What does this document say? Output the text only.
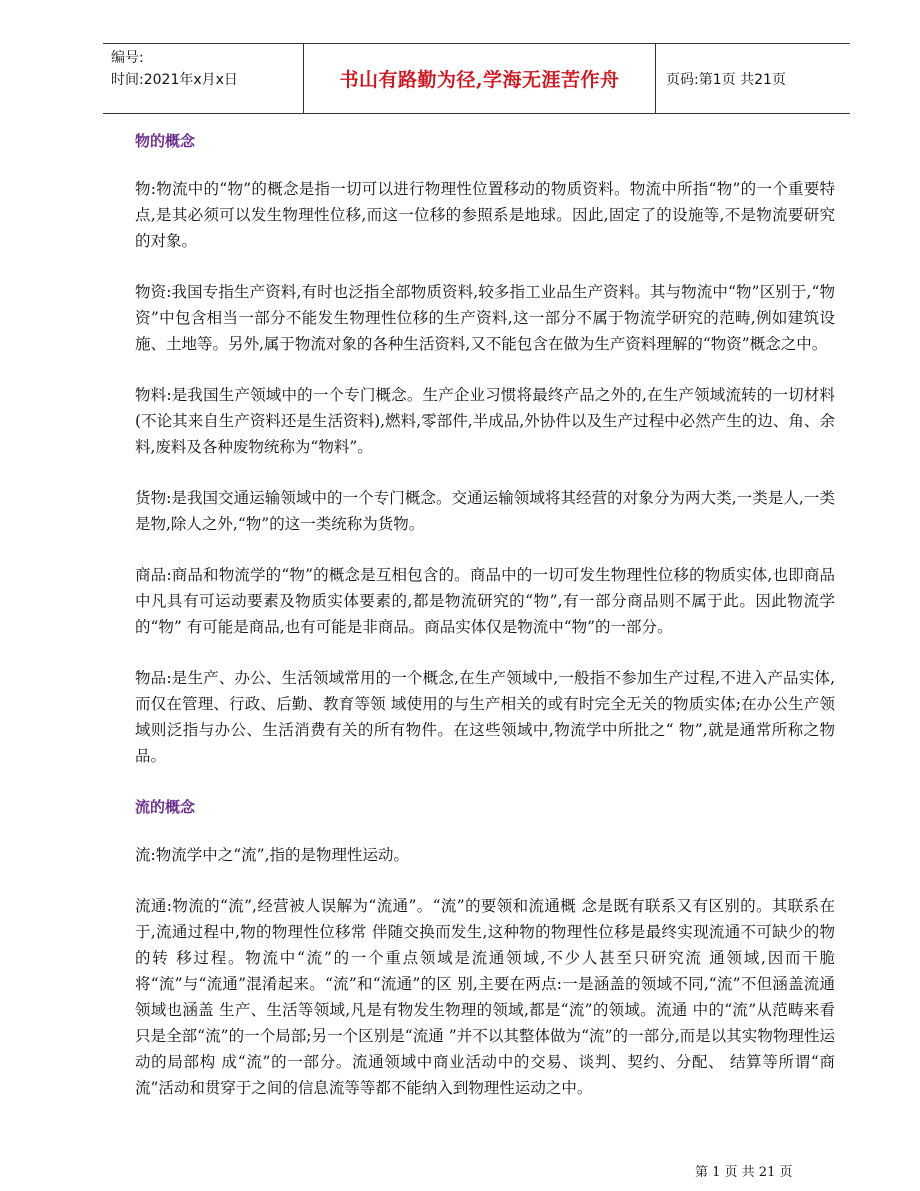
编号:
时间:2021年x月x日	书山有路勤为径,学海无涯苦作舟	页码:第1页 共21页
物的概念

物:物流中的“物”的概念是指一切可以进行物理性位置移动的物质资料。物流中所指“物”的一个重要特点,是其必须可以发生物理性位移,而这一位移的参照系是地球。因此,固定了的设施等,不是物流要研究的对象。

物资:我国专指生产资料,有时也泛指全部物质资料,较多指工业品生产资料。其与物流中“物”区别于,“物资”中包含相当一部分不能发生物理性位移的生产资料,这一部分不属于物流学研究的范畴,例如建筑设施、土地等。另外,属于物流对象的各种生活资料,又不能包含在做为生产资料理解的“物资”概念之中。

物料:是我国生产领域中的一个专门概念。生产企业习惯将最终产品之外的,在生产领域流转的一切材料(不论其来自生产资料还是生活资料),燃料,零部件,半成品,外协件以及生产过程中必然产生的边、角、余料,废料及各种废物统称为“物料”。

货物:是我国交通运输领域中的一个专门概念。交通运输领域将其经营的对象分为两大类,一类是人,一类是物,除人之外,“物”的这一类统称为货物。

商品:商品和物流学的“物”的概念是互相包含的。商品中的一切可发生物理性位移的物质实体,也即商品中凡具有可运动要素及物质实体要素的,都是物流研究的“物”,有一部分商品则不属于此。因此物流学的“物” 有可能是商品,也有可能是非商品。商品实体仅是物流中“物”的一部分。

物品:是生产、办公、生活领域常用的一个概念,在生产领域中,一般指不参加生产过程,不进入产品实体,而仅在管理、行政、后勤、教育等领 域使用的与生产相关的或有时完全无关的物质实体;在办公生产领域则泛指与办公、生活消费有关的所有物件。在这些领域中,物流学中所批之“ 物”,就是通常所称之物品。

流的概念

流:物流学中之“流”,指的是物理性运动。

流通:物流的“流”,经营被人误解为“流通”。“流”的要领和流通概 念是既有联系又有区别的。其联系在于,流通过程中,物的物理性位移常 伴随交换而发生,这种物的物理性位移是最终实现流通不可缺少的物的转 移过程。物流中“流”的一个重点领域是流通领域,不少人甚至只研究流 通领域,因而干脆将“流”与“流通”混淆起来。“流”和“流通”的区 别,主要在两点:一是涵盖的领域不同,“流”不但涵盖流通领域也涵盖 生产、生活等领域,凡是有物发生物理的领域,都是“流”的领域。流通 中的“流”从范畴来看只是全部“流”的一个局部;另一个区别是“流通 ”并不以其整体做为“流”的一部分,而是以其实物物理性运动的局部构 成“流”的一部分。流通领域中商业活动中的交易、谈判、契约、分配、 结算等所谓“商流”活动和贯穿于之间的信息流等等都不能纳入到物理性运动之中。

第 1 页 共 21 页
